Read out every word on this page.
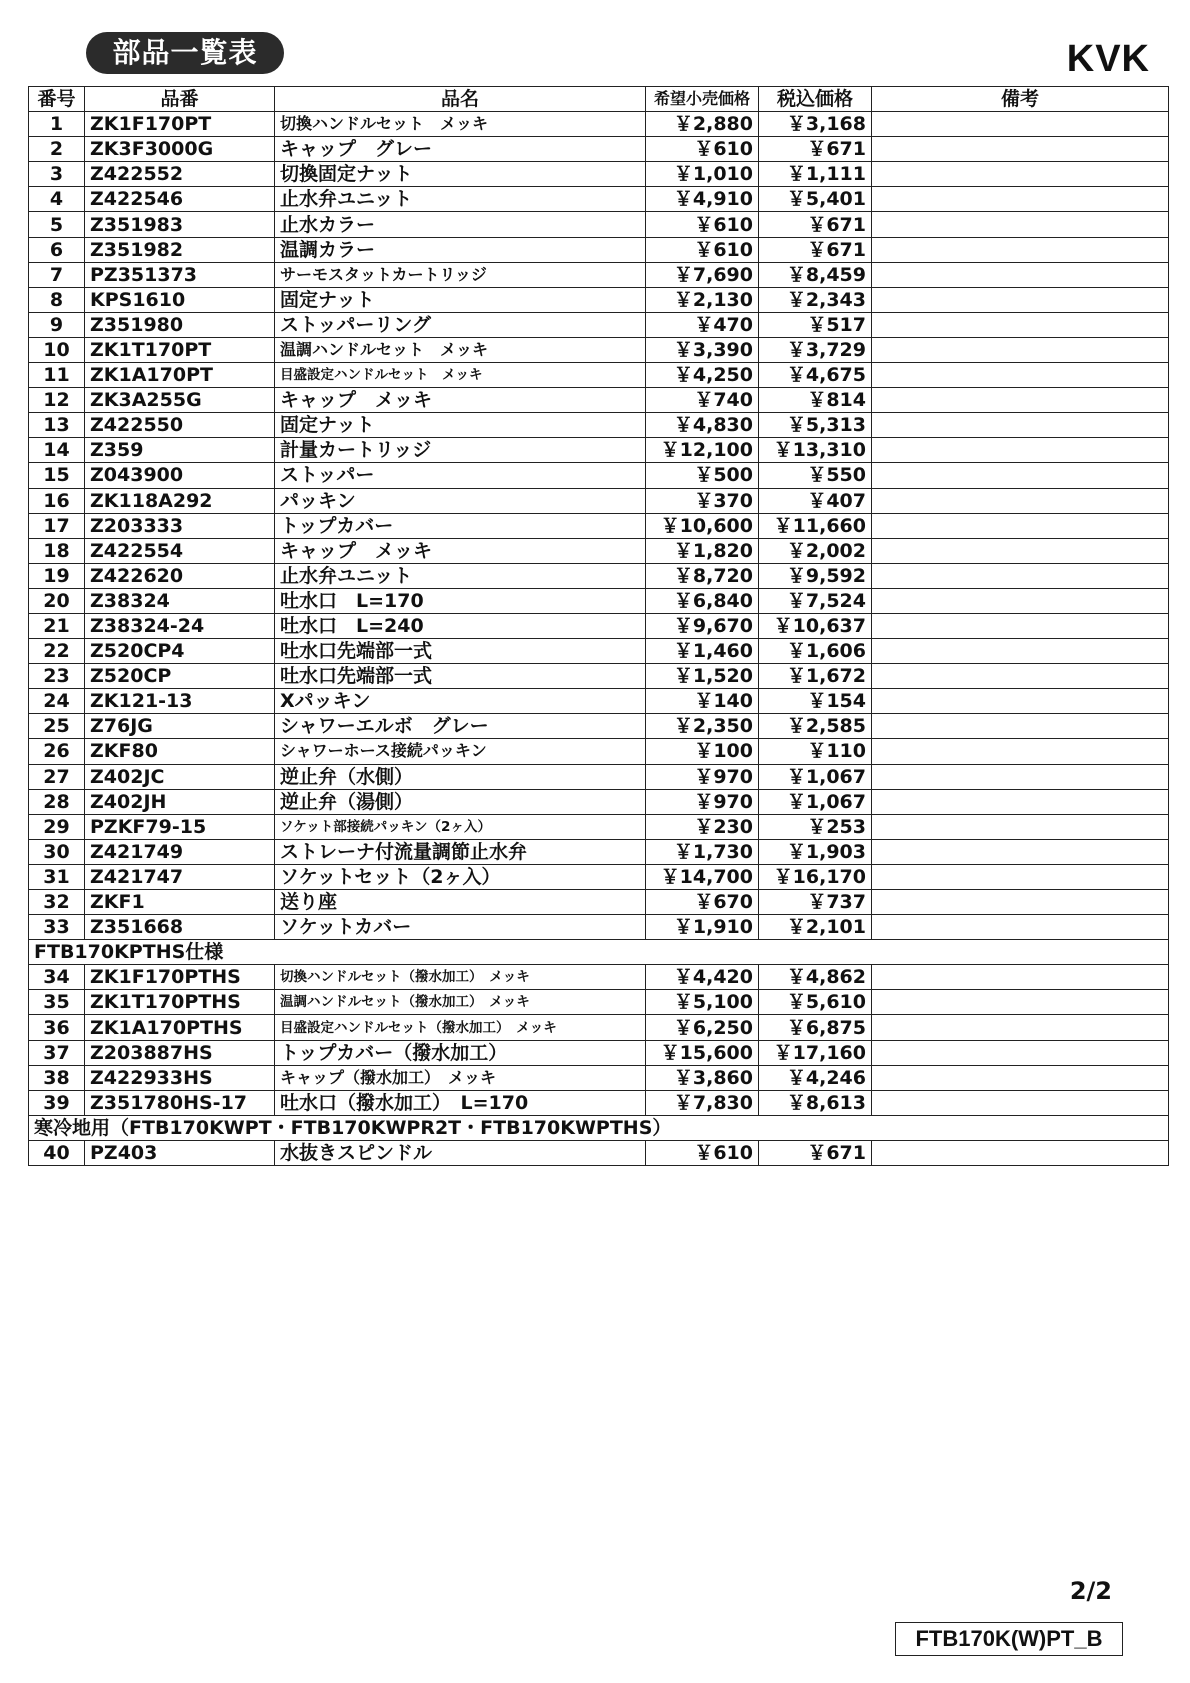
部品一覧表	KVK
番号	品番	品名	希望小売価格	税込価格	備考
1	ZK1F170PT	切換ハンドルセット　メッキ	￥2,880	￥3,168	
2	ZK3F3000G	キャップ　グレー	￥610	￥671	
3	Z422552	切換固定ナット	￥1,010	￥1,111	
4	Z422546	止水弁ユニット	￥4,910	￥5,401	
5	Z351983	止水カラー	￥610	￥671	
6	Z351982	温調カラー	￥610	￥671	
7	PZ351373	サーモスタットカートリッジ	￥7,690	￥8,459	
8	KPS1610	固定ナット	￥2,130	￥2,343	
9	Z351980	ストッパーリング	￥470	￥517	
10	ZK1T170PT	温調ハンドルセット　メッキ	￥3,390	￥3,729	
11	ZK1A170PT	目盛設定ハンドルセット　メッキ	￥4,250	￥4,675	
12	ZK3A255G	キャップ　メッキ	￥740	￥814	
13	Z422550	固定ナット	￥4,830	￥5,313	
14	Z359	計量カートリッジ	￥12,100	￥13,310	
15	Z043900	ストッパー	￥500	￥550	
16	ZK118A292	パッキン	￥370	￥407	
17	Z203333	トップカバー	￥10,600	￥11,660	
18	Z422554	キャップ　メッキ	￥1,820	￥2,002	
19	Z422620	止水弁ユニット	￥8,720	￥9,592	
20	Z38324	吐水口　L=170	￥6,840	￥7,524	
21	Z38324-24	吐水口　L=240	￥9,670	￥10,637	
22	Z520CP4	吐水口先端部一式	￥1,460	￥1,606	
23	Z520CP	吐水口先端部一式	￥1,520	￥1,672	
24	ZK121-13	Xパッキン	￥140	￥154	
25	Z76JG	シャワーエルボ　グレー	￥2,350	￥2,585	
26	ZKF80	シャワーホース接続パッキン	￥100	￥110	
27	Z402JC	逆止弁（水側）	￥970	￥1,067	
28	Z402JH	逆止弁（湯側）	￥970	￥1,067	
29	PZKF79-15	ソケット部接続パッキン（2ヶ入）	￥230	￥253	
30	Z421749	ストレーナ付流量調節止水弁	￥1,730	￥1,903	
31	Z421747	ソケットセット（2ヶ入）	￥14,700	￥16,170	
32	ZKF1	送り座	￥670	￥737	
33	Z351668	ソケットカバー	￥1,910	￥2,101	
FTB170KPTHS仕様					
34	ZK1F170PTHS	切換ハンドルセット（撥水加工）　メッキ	￥4,420	￥4,862	
35	ZK1T170PTHS	温調ハンドルセット（撥水加工）　メッキ	￥5,100	￥5,610	
36	ZK1A170PTHS	目盛設定ハンドルセット（撥水加工）　メッキ	￥6,250	￥6,875	
37	Z203887HS	トップカバー（撥水加工）	￥15,600	￥17,160	
38	Z422933HS	キャップ（撥水加工）　メッキ	￥3,860	￥4,246	
39	Z351780HS-17	吐水口（撥水加工）　L=170	￥7,830	￥8,613	
寒冷地用（FTB170KWPT・FTB170KWPR2T・FTB170KWPTHS）					
40	PZ403	水抜きスピンドル	￥610	￥671	
2/2
FTB170K(W)PT_B
